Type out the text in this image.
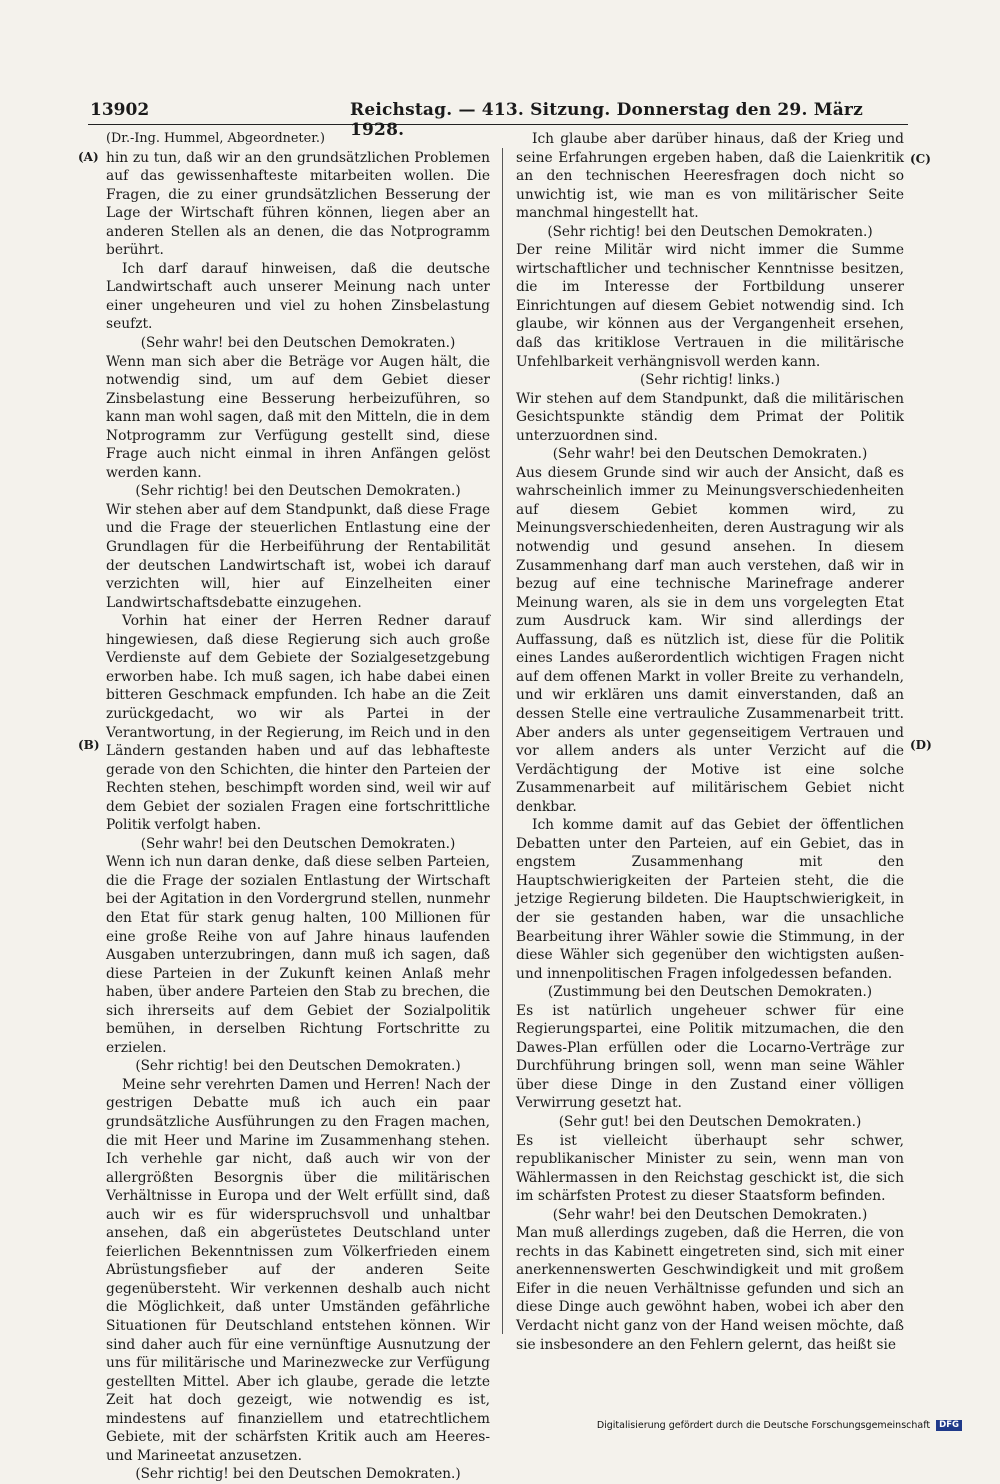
13902	Reichstag. — 413. Sitzung. Donnerstag den 29. März 1928.

(Dr.-Ing. Hummel, Abgeordneter.)

hin zu tun, daß wir an den grundsätzlichen Problemen auf das gewissenhafteste mitarbeiten wollen. Die Fragen, die zu einer grundsätzlichen Besserung der Lage der Wirtschaft führen können, liegen aber an anderen Stellen als an denen, die das Notprogramm berührt.

Ich darf darauf hinweisen, daß die deutsche Landwirtschaft auch unserer Meinung nach unter einer ungeheuren und viel zu hohen Zinsbelastung seufzt.

(Sehr wahr! bei den Deutschen Demokraten.)

Wenn man sich aber die Beträge vor Augen hält, die notwendig sind, um auf dem Gebiet dieser Zinsbelastung eine Besserung herbeizuführen, so kann man wohl sagen, daß mit den Mitteln, die in dem Notprogramm zur Verfügung gestellt sind, diese Frage auch nicht einmal in ihren Anfängen gelöst werden kann.

(Sehr richtig! bei den Deutschen Demokraten.)

Wir stehen aber auf dem Standpunkt, daß diese Frage und die Frage der steuerlichen Entlastung eine der Grundlagen für die Herbeiführung der Rentabilität der deutschen Landwirtschaft ist, wobei ich darauf verzichten will, hier auf Einzelheiten einer Landwirtschaftsdebatte einzugehen.

Vorhin hat einer der Herren Redner darauf hingewiesen, daß diese Regierung sich auch große Verdienste auf dem Gebiete der Sozialgesetzgebung erworben habe. Ich muß sagen, ich habe dabei einen bitteren Geschmack empfunden. Ich habe an die Zeit zurückgedacht, wo wir als Partei in der Verantwortung, in der Regierung, im Reich und in den Ländern gestanden haben und auf das lebhafteste gerade von den Schichten, die hinter den Parteien der Rechten stehen, beschimpft worden sind, weil wir auf dem Gebiet der sozialen Fragen eine fortschrittliche Politik verfolgt haben.

(Sehr wahr! bei den Deutschen Demokraten.)

Wenn ich nun daran denke, daß diese selben Parteien, die die Frage der sozialen Entlastung der Wirtschaft bei der Agitation in den Vordergrund stellen, nunmehr den Etat für stark genug halten, 100 Millionen für eine große Reihe von auf Jahre hinaus laufenden Ausgaben unterzubringen, dann muß ich sagen, daß diese Parteien in der Zukunft keinen Anlaß mehr haben, über andere Parteien den Stab zu brechen, die sich ihrerseits auf dem Gebiet der Sozialpolitik bemühen, in derselben Richtung Fortschritte zu erzielen.

(Sehr richtig! bei den Deutschen Demokraten.)

Meine sehr verehrten Damen und Herren! Nach der gestrigen Debatte muß ich auch ein paar grundsätzliche Ausführungen zu den Fragen machen, die mit Heer und Marine im Zusammenhang stehen. Ich verhehle gar nicht, daß auch wir von der allergrößten Besorgnis über die militärischen Verhältnisse in Europa und der Welt erfüllt sind, daß auch wir es für widerspruchsvoll und unhaltbar ansehen, daß ein abgerüstetes Deutschland unter feierlichen Bekenntnissen zum Völkerfrieden einem Abrüstungsfieber auf der anderen Seite gegenübersteht. Wir verkennen deshalb auch nicht die Möglichkeit, daß unter Umständen gefährliche Situationen für Deutschland entstehen können. Wir sind daher auch für eine vernünftige Ausnutzung der uns für militärische und Marinezwecke zur Verfügung gestellten Mittel. Aber ich glaube, gerade die letzte Zeit hat doch gezeigt, wie notwendig es ist, mindestens auf finanziellem und etatrechtlichem Gebiete, mit der schärfsten Kritik auch am Heeres- und Marineetat anzusetzen.

(Sehr richtig! bei den Deutschen Demokraten.)

Ich glaube aber darüber hinaus, daß der Krieg und seine Erfahrungen ergeben haben, daß die Laienkritik an den technischen Heeresfragen doch nicht so unwichtig ist, wie man es von militärischer Seite manchmal hingestellt hat.

(Sehr richtig! bei den Deutschen Demokraten.)

Der reine Militär wird nicht immer die Summe wirtschaftlicher und technischer Kenntnisse besitzen, die im Interesse der Fortbildung unserer Einrichtungen auf diesem Gebiet notwendig sind. Ich glaube, wir können aus der Vergangenheit ersehen, daß das kritiklose Vertrauen in die militärische Unfehlbarkeit verhängnisvoll werden kann.

(Sehr richtig! links.)

Wir stehen auf dem Standpunkt, daß die militärischen Gesichtspunkte ständig dem Primat der Politik unterzuordnen sind.

(Sehr wahr! bei den Deutschen Demokraten.)

Aus diesem Grunde sind wir auch der Ansicht, daß es wahrscheinlich immer zu Meinungsverschiedenheiten auf diesem Gebiet kommen wird, zu Meinungsverschiedenheiten, deren Austragung wir als notwendig und gesund ansehen. In diesem Zusammenhang darf man auch verstehen, daß wir in bezug auf eine technische Marinefrage anderer Meinung waren, als sie in dem uns vorgelegten Etat zum Ausdruck kam. Wir sind allerdings der Auffassung, daß es nützlich ist, diese für die Politik eines Landes außerordentlich wichtigen Fragen nicht auf dem offenen Markt in voller Breite zu verhandeln, und wir erklären uns damit einverstanden, daß an dessen Stelle eine vertrauliche Zusammenarbeit tritt. Aber anders als unter gegenseitigem Vertrauen und vor allem anders als unter Verzicht auf die Verdächtigung der Motive ist eine solche Zusammenarbeit auf militärischem Gebiet nicht denkbar.

Ich komme damit auf das Gebiet der öffentlichen Debatten unter den Parteien, auf ein Gebiet, das in engstem Zusammenhang mit den Hauptschwierigkeiten der Parteien steht, die die jetzige Regierung bildeten. Die Hauptschwierigkeit, in der sie gestanden haben, war die unsachliche Bearbeitung ihrer Wähler sowie die Stimmung, in der diese Wähler sich gegenüber den wichtigsten außen- und innenpolitischen Fragen infolgedessen befanden.

(Zustimmung bei den Deutschen Demokraten.)

Es ist natürlich ungeheuer schwer für eine Regierungspartei, eine Politik mitzumachen, die den Dawes-Plan erfüllen oder die Locarno-Verträge zur Durchführung bringen soll, wenn man seine Wähler über diese Dinge in den Zustand einer völligen Verwirrung gesetzt hat.

(Sehr gut! bei den Deutschen Demokraten.)

Es ist vielleicht überhaupt sehr schwer, republikanischer Minister zu sein, wenn man von Wählermassen in den Reichstag geschickt ist, die sich im schärfsten Protest zu dieser Staatsform befinden.

(Sehr wahr! bei den Deutschen Demokraten.)

Man muß allerdings zugeben, daß die Herren, die von rechts in das Kabinett eingetreten sind, sich mit einer anerkennenswerten Geschwindigkeit und mit großem Eifer in die neuen Verhältnisse gefunden und sich an diese Dinge auch gewöhnt haben, wobei ich aber den Verdacht nicht ganz von der Hand weisen möchte, daß sie insbesondere an den Fehlern gelernt, das heißt sie

(A)
(B)
(C)
(D)
Digitalisierung gefördert durch die Deutsche Forschungsgemeinschaft DFG
